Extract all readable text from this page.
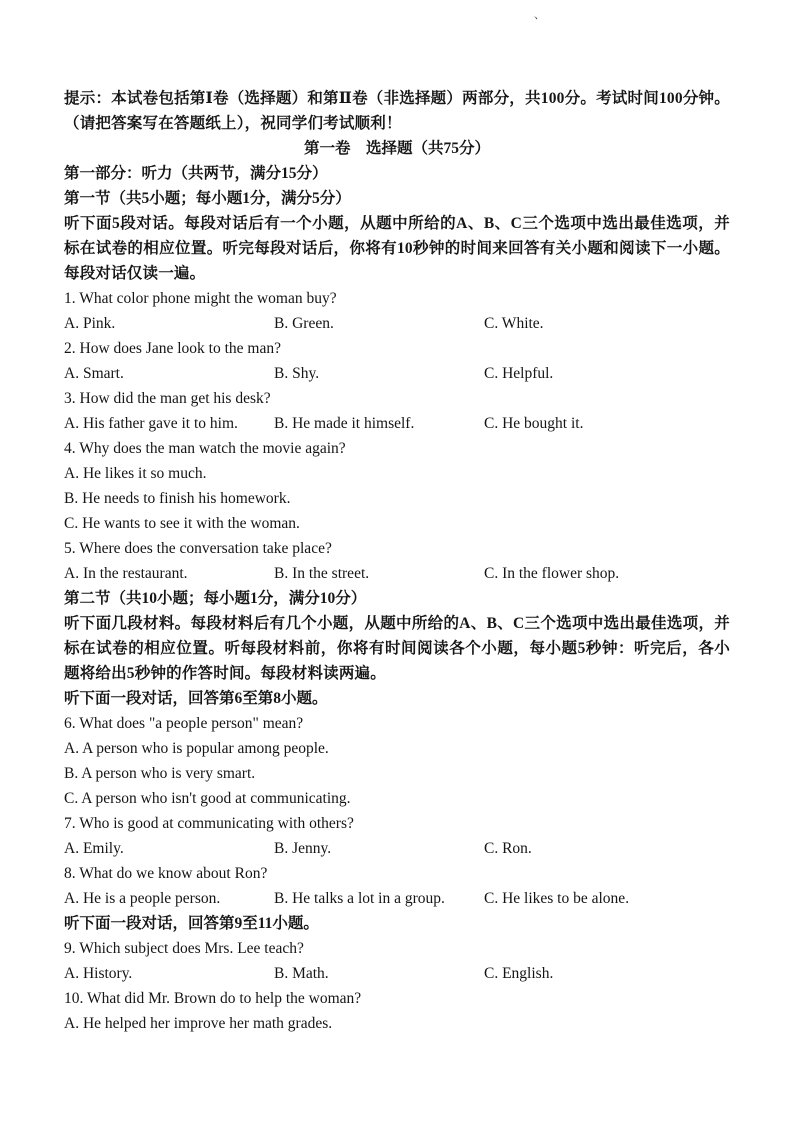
、
提示：本试卷包括第Ⅰ卷（选择题）和第Ⅱ卷（非选择题）两部分，共100分。考试时间100分钟。（请把答案写在答题纸上），祝同学们考试顺利！
第一卷　选择题（共75分）
第一部分：听力（共两节，满分15分）
第一节（共5小题；每小题1分，满分5分）
听下面5段对话。每段对话后有一个小题，从题中所给的A、B、C三个选项中选出最佳选项，并标在试卷的相应位置。听完每段对话后，你将有10秒钟的时间来回答有关小题和阅读下一小题。每段对话仅读一遍。
1. What color phone might the woman buy?
A. Pink.	B. Green.	C. White.
2. How does Jane look to the man?
A. Smart.	B. Shy.	C. Helpful.
3. How did the man get his desk?
A. His father gave it to him.	B. He made it himself.	C. He bought it.
4. Why does the man watch the movie again?
A. He likes it so much.
B. He needs to finish his homework.
C. He wants to see it with the woman.
5. Where does the conversation take place?
A. In the restaurant.	B. In the street.	C. In the flower shop.
第二节（共10小题；每小题1分，满分10分）
听下面几段材料。每段材料后有几个小题，从题中所给的A、B、C三个选项中选出最佳选项，并标在试卷的相应位置。听每段材料前，你将有时间阅读各个小题，每小题5秒钟：听完后，各小题将给出5秒钟的作答时间。每段材料读两遍。
听下面一段对话，回答第6至第8小题。
6. What does "a people person" mean?
A. A person who is popular among people.
B. A person who is very smart.
C. A person who isn't good at communicating.
7. Who is good at communicating with others?
A. Emily.	B. Jenny.	C. Ron.
8. What do we know about Ron?
A. He is a people person.	B. He talks a lot in a group.	C. He likes to be alone.
听下面一段对话，回答第9至11小题。
9. Which subject does Mrs. Lee teach?
A. History.	B. Math.	C. English.
10. What did Mr. Brown do to help the woman?
A. He helped her improve her math grades.
